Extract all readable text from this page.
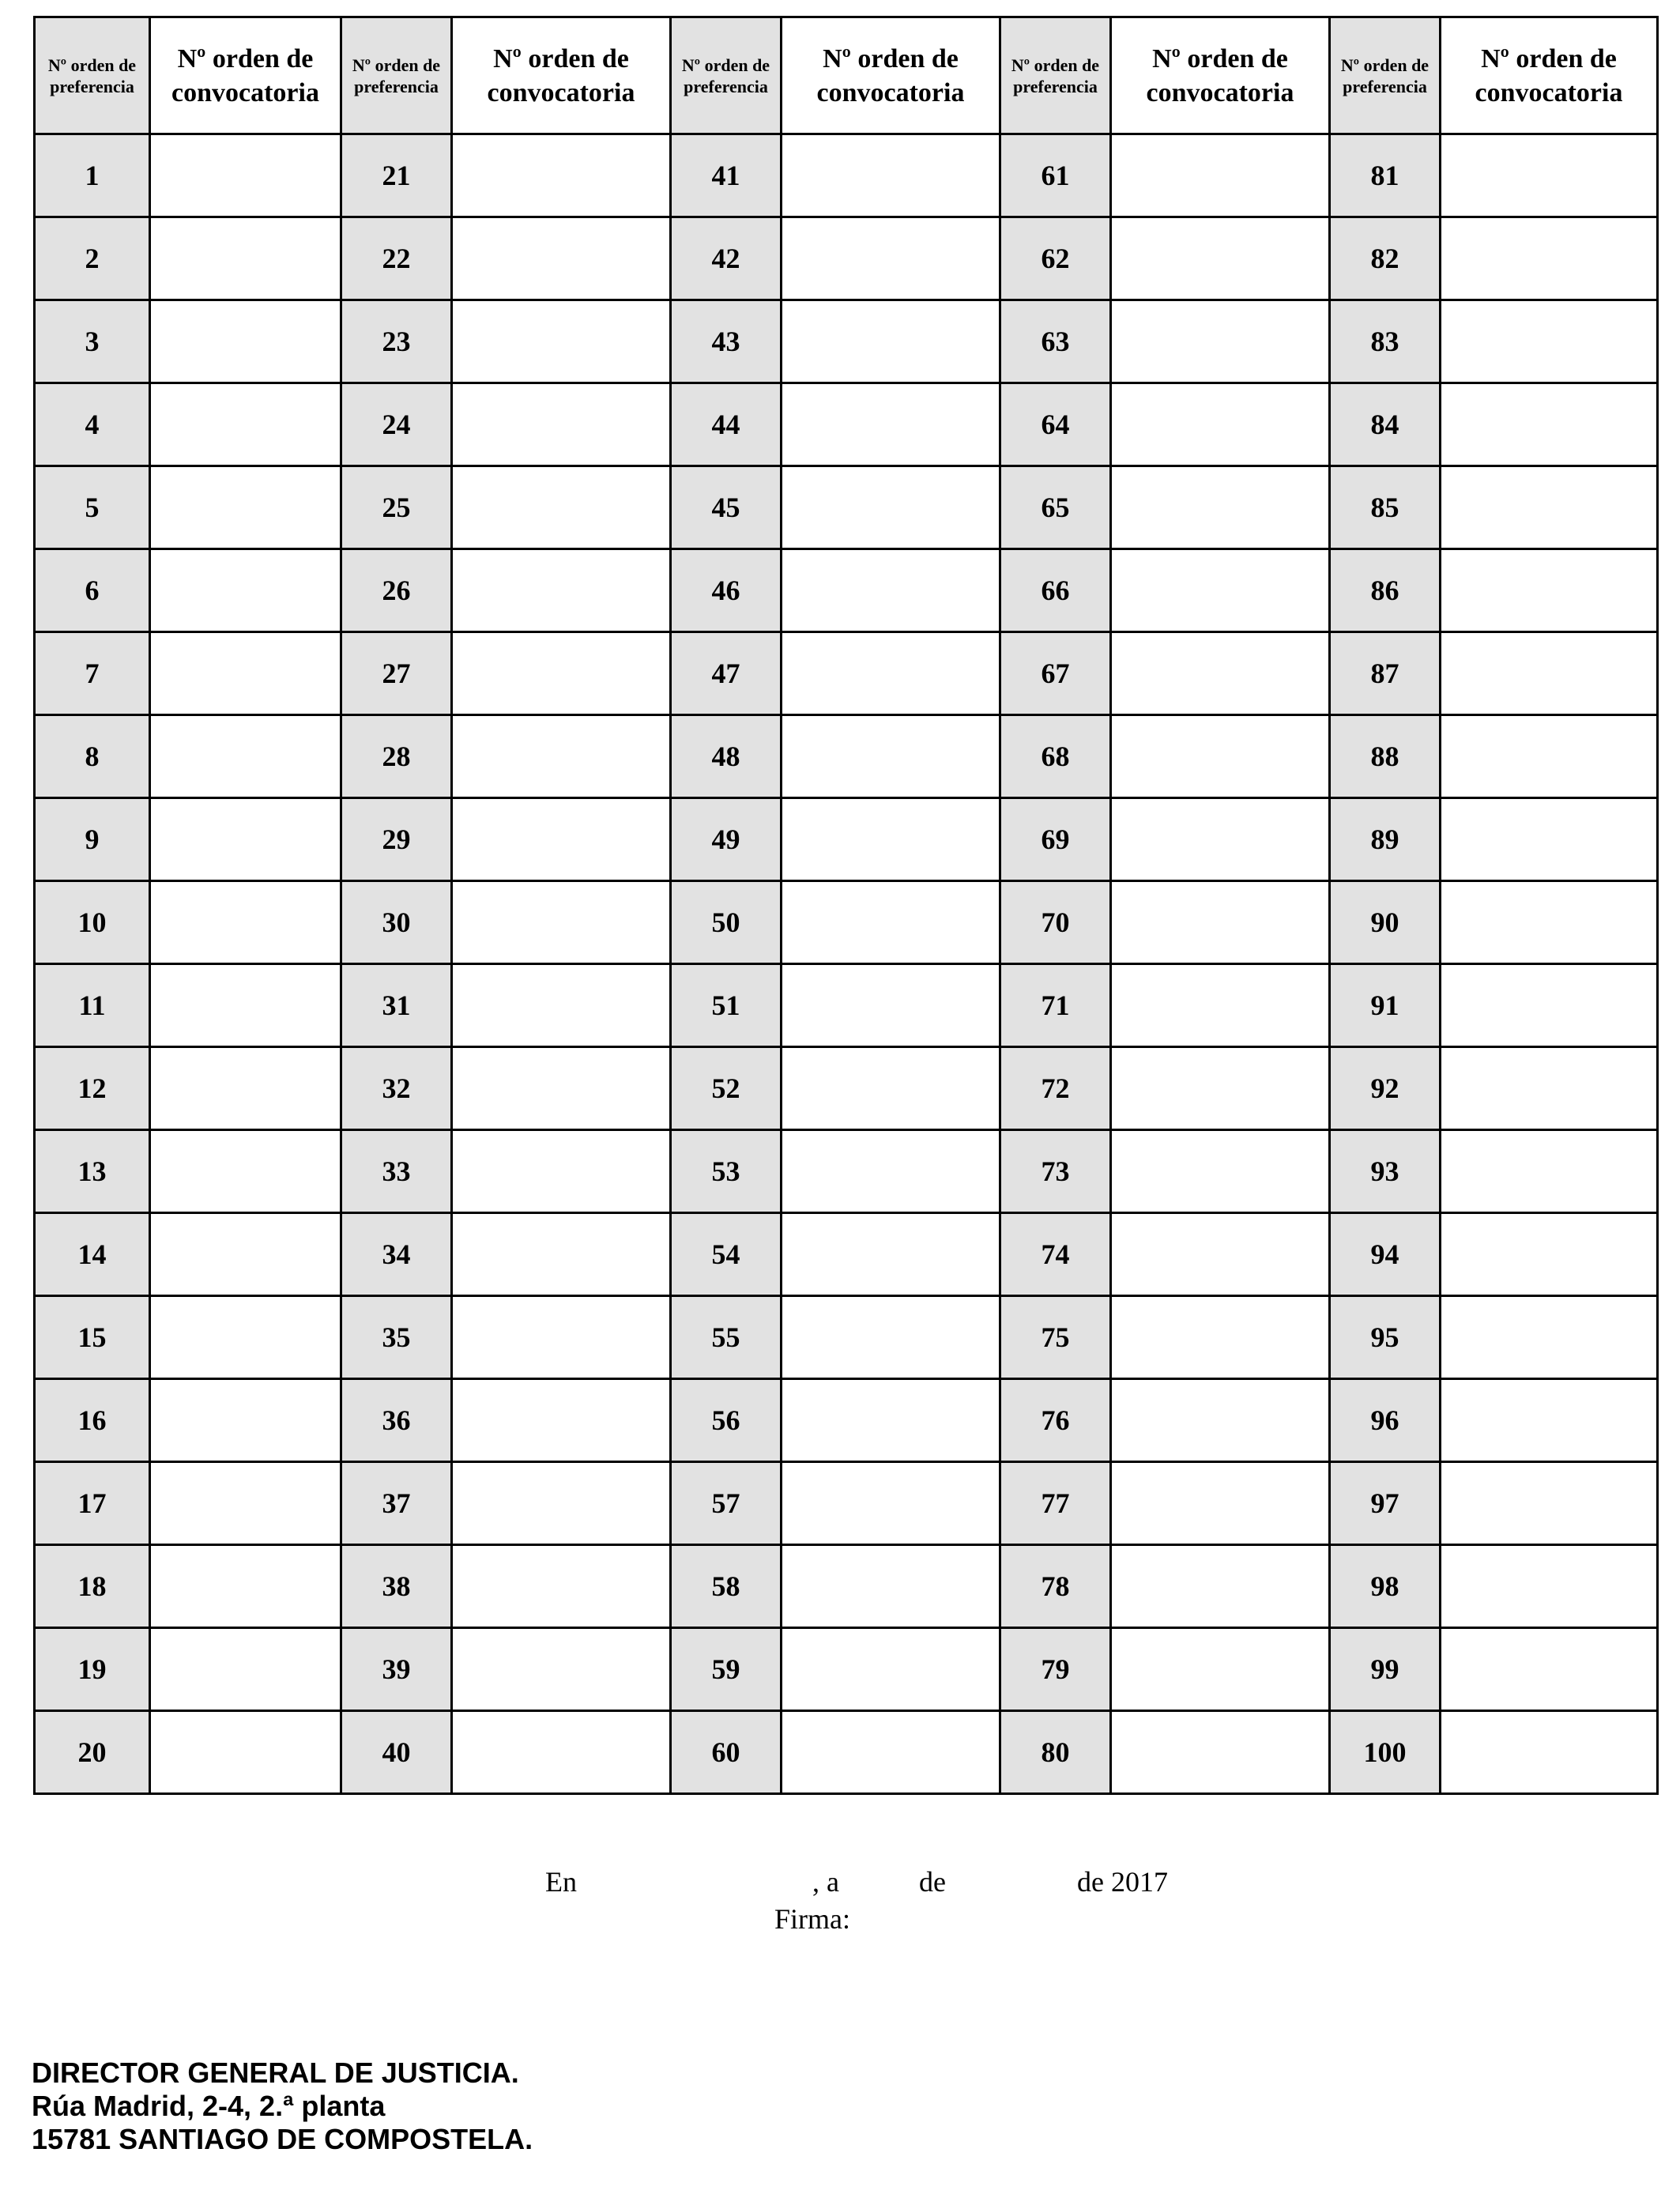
Nº orden de preferencia	Nº orden de convocatoria	Nº orden de preferencia	Nº orden de convocatoria	Nº orden de preferencia	Nº orden de convocatoria	Nº orden de preferencia	Nº orden de convocatoria	Nº orden de preferencia	Nº orden de convocatoria
1		21		41		61		81	
2		22		42		62		82	
3		23		43		63		83	
4		24		44		64		84	
5		25		45		65		85	
6		26		46		66		86	
7		27		47		67		87	
8		28		48		68		88	
9		29		49		69		89	
10		30		50		70		90	
11		31		51		71		91	
12		32		52		72		92	
13		33		53		73		93	
14		34		54		74		94	
15		35		55		75		95	
16		36		56		76		96	
17		37		57		77		97	
18		38		58		78		98	
19		39		59		79		99	
20		40		60		80		100	
En	, a	de	de 2017
Firma:
DIRECTOR GENERAL DE JUSTICIA.
Rúa Madrid, 2-4, 2.ª planta
15781 SANTIAGO DE COMPOSTELA.
